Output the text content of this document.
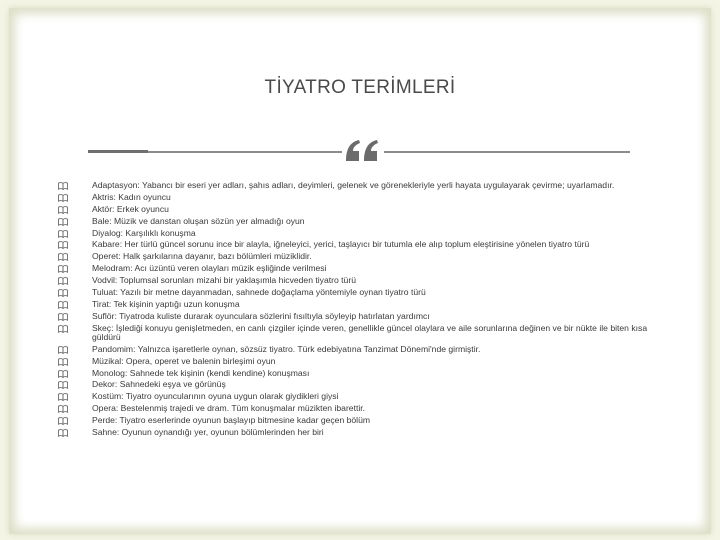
TİYATRO TERİMLERİ
Adaptasyon: Yabancı bir eseri yer adları, şahıs adları, deyimleri, gelenek ve görenekleriyle yerli hayata uygulayarak çevirme; uyarlamadır.
Aktris: Kadın oyuncu
Aktör: Erkek oyuncu
Bale: Müzik ve danstan oluşan sözün yer almadığı oyun
Diyalog: Karşılıklı konuşma
Kabare: Her türlü güncel sorunu ince bir alayla, iğneleyici, yerici, taşlayıcı bir tutumla ele alıp toplum eleştirisine yönelen tiyatro türü
Operet: Halk şarkılarına dayanır, bazı bölümleri müziklidir.
Melodram: Acı üzüntü veren olayları müzik eşliğinde verilmesi
Vodvil: Toplumsal sorunları mizahi bir yaklaşımla hicveden tiyatro türü
Tuluat: Yazılı bir metne dayanmadan, sahnede doğaçlama yöntemiyle oynan tiyatro türü
Tirat: Tek kişinin yaptığı uzun konuşma
Suflör: Tiyatroda kuliste durarak oyunculara sözlerini fısıltıyla söyleyip hatırlatan yardımcı
Skeç: İşlediği konuyu genişletmeden, en canlı çizgiler içinde veren, genellikle güncel olaylara ve aile sorunlarına değinen ve bir nükte ile biten kısa güldürü
Pandomim: Yalnızca işaretlerle oynan, sözsüz tiyatro. Türk edebiyatına Tanzimat Dönemi'nde girmiştir.
Müzikal: Opera, operet ve balenin birleşimi oyun
Monolog: Sahnede tek kişinin (kendi kendine) konuşması
Dekor: Sahnedeki eşya ve görünüş
Kostüm: Tiyatro oyuncularının oyuna uygun olarak giydikleri giysi
Opera: Bestelenmiş trajedi ve dram. Tüm konuşmalar müzikten ibarettir.
Perde: Tiyatro eserlerinde oyunun başlayıp bitmesine kadar geçen bölüm
Sahne: Oyunun oynandığı yer, oyunun bölümlerinden her biri
